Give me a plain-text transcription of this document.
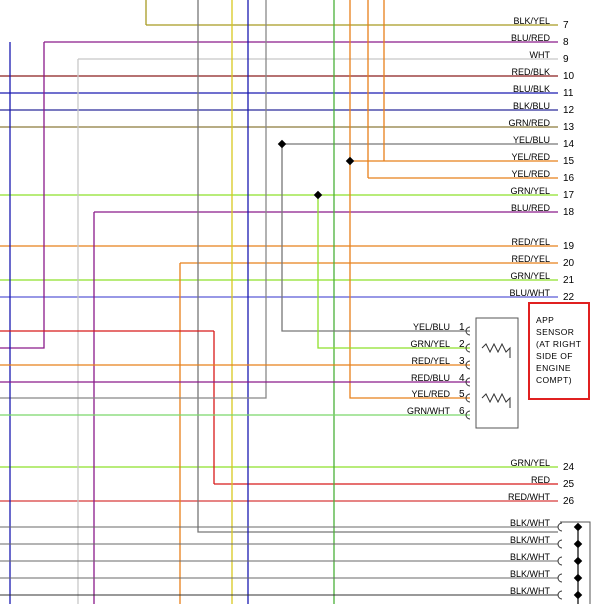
APP
SENSOR
(AT RIGHT
SIDE OF
ENGINE
COMPT)
BLK/YEL 7
BLU/RED 8
WHT 9
RED/BLK 10
BLU/BLK 11
BLK/BLU 12
GRN/RED 13
YEL/BLU 14
YEL/RED 15
YEL/RED 16
GRN/YEL 17
BLU/RED 18
RED/YEL 19
RED/YEL 20
GRN/YEL 21
BLU/WHT 22
GRN/YEL 24
RED 25
RED/WHT 26
YEL/BLU 1
GRN/YEL 2
RED/YEL 3
RED/BLU 4
YEL/RED 5
GRN/WHT 6
BLK/WHT
BLK/WHT
BLK/WHT
BLK/WHT
BLK/WHT
